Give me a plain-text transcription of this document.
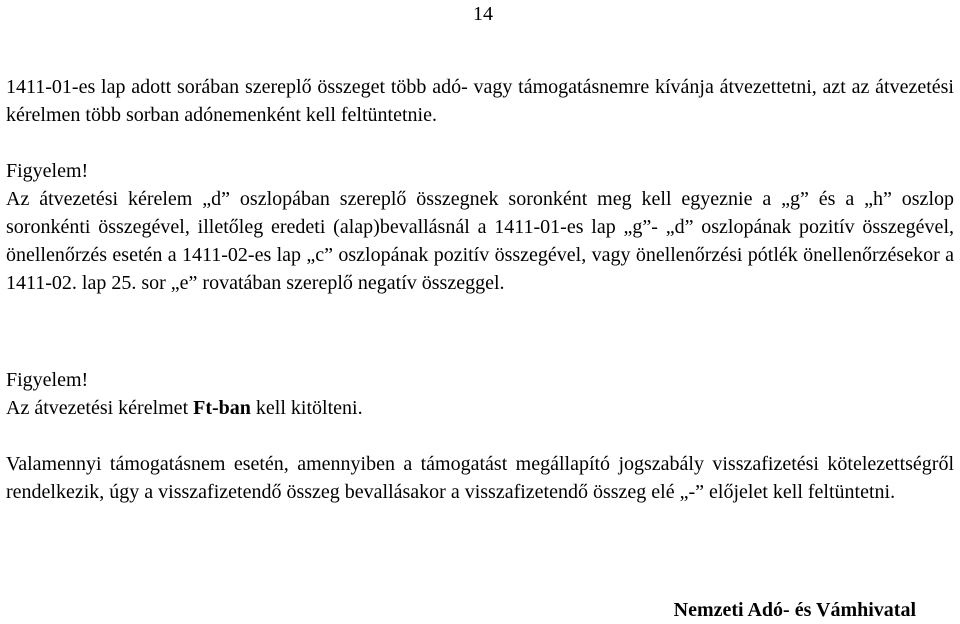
14

1411-01-es lap adott sorában szereplő összeget több adó- vagy támogatásnemre kívánja átvezettetni, azt az átvezetési kérelmen több sorban adónemenként kell feltüntetnie.

Figyelem!

Az átvezetési kérelem „d” oszlopában szereplő összegnek soronként meg kell egyeznie a „g” és a „h” oszlop soronkénti összegével, illetőleg eredeti (alap)bevallásnál a 1411-01-es lap „g”- „d” oszlopának pozitív összegével, önellenőrzés esetén a 1411-02-es lap „c” oszlopának pozitív összegével, vagy önellenőrzési pótlék önellenőrzésekor a 1411-02. lap 25. sor „e” rovatában szereplő negatív összeggel.

Figyelem!

Az átvezetési kérelmet Ft-ban kell kitölteni.

Valamennyi támogatásnem esetén, amennyiben a támogatást megállapító jogszabály visszafizetési kötelezettségről rendelkezik, úgy a visszafizetendő összeg bevallásakor a visszafizetendő összeg elé „-” előjelet kell feltüntetni.

Nemzeti Adó- és Vámhivatal
